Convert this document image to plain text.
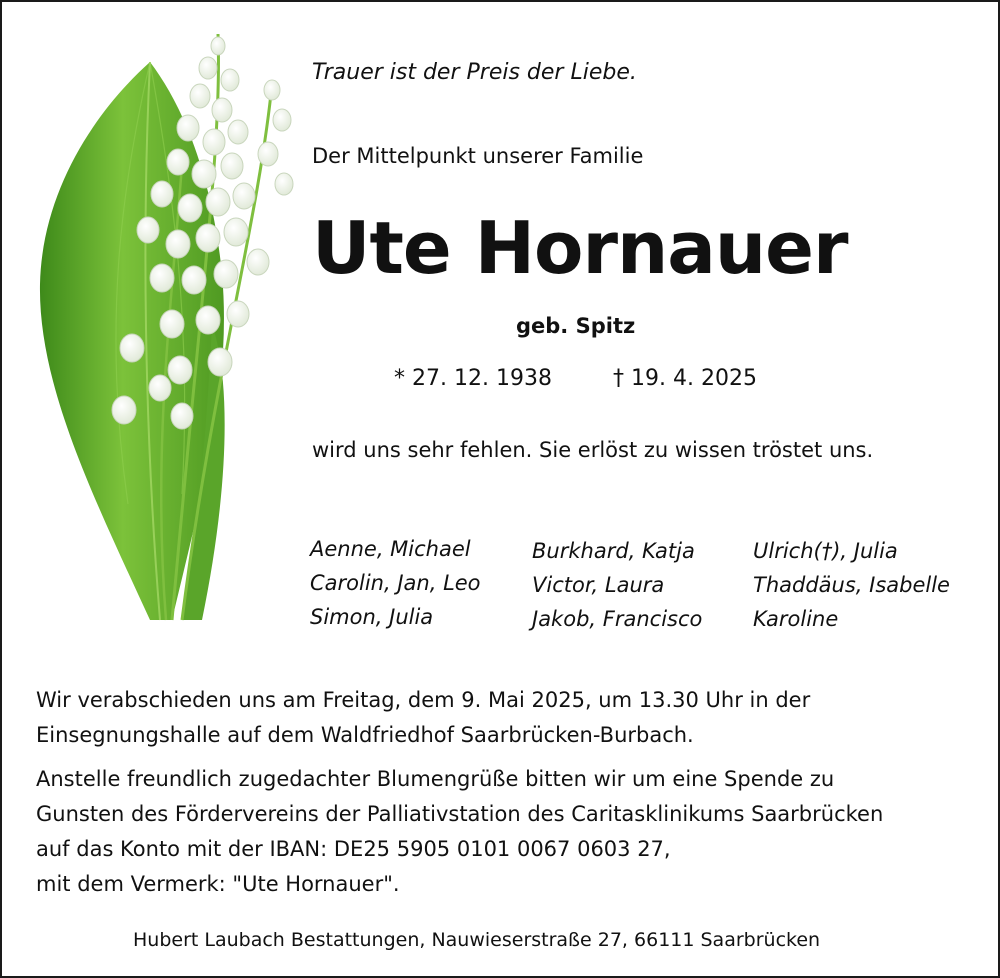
Trauer ist der Preis der Liebe.
Der Mittelpunkt unserer Familie
Ute Hornauer
geb. Spitz
* 27. 12. 1938	† 19. 4. 2025
wird uns sehr fehlen. Sie erlöst zu wissen tröstet uns.
Aenne, Michael
Carolin, Jan, Leo
Simon, Julia
Burkhard, Katja
Victor, Laura
Jakob, Francisco
Ulrich(†), Julia
Thaddäus, Isabelle
Karoline
Wir verabschieden uns am Freitag, dem 9. Mai 2025, um 13.30 Uhr in der
Einsegnungshalle auf dem Waldfriedhof Saarbrücken-Burbach.
Anstelle freundlich zugedachter Blumengrüße bitten wir um eine Spende zu
Gunsten des Fördervereins der Palliativstation des Caritasklinikums Saarbrücken
auf das Konto mit der IBAN: DE25 5905 0101 0067 0603 27,
mit dem Vermerk: "Ute Hornauer".
Hubert Laubach Bestattungen, Nauwieserstraße 27, 66111 Saarbrücken
